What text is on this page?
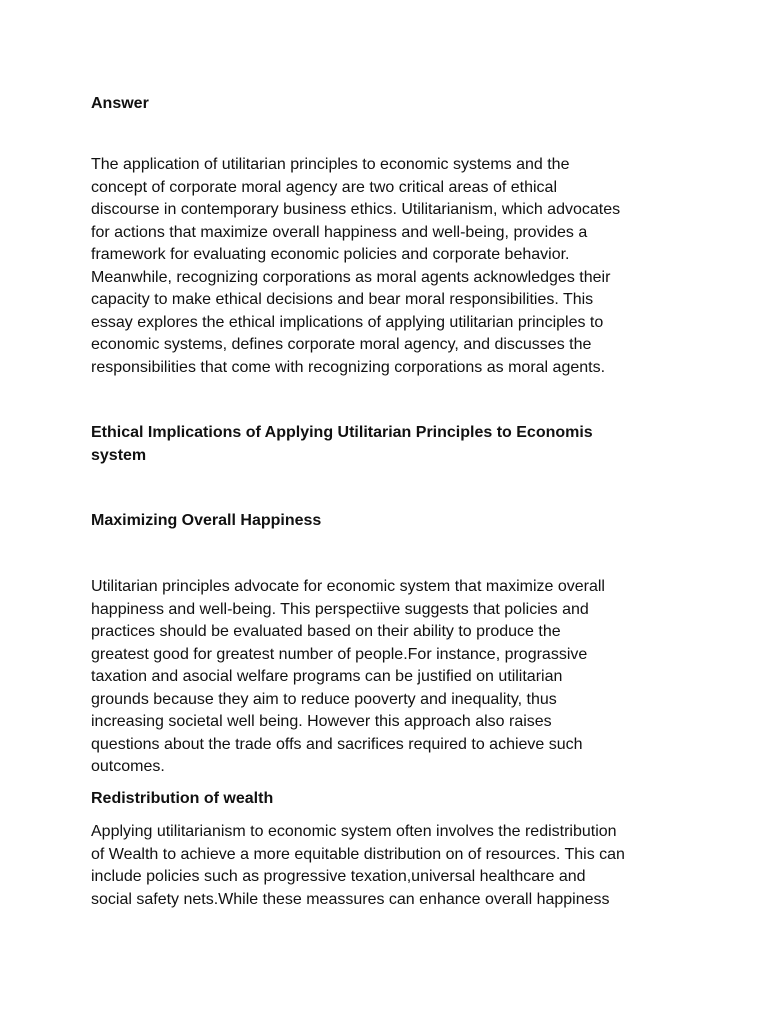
Answer

The application of utilitarian principles to economic systems and the
concept of corporate moral agency are two critical areas of ethical
discourse in contemporary business ethics. Utilitarianism, which advocates
for actions that maximize overall happiness and well-being, provides a
framework for evaluating economic policies and corporate behavior.
Meanwhile, recognizing corporations as moral agents acknowledges their
capacity to make ethical decisions and bear moral responsibilities. This
essay explores the ethical implications of applying utilitarian principles to
economic systems, defines corporate moral agency, and discusses the
responsibilities that come with recognizing corporations as moral agents.

Ethical Implications of Applying Utilitarian Principles to Economis
system

Maximizing Overall Happiness

Utilitarian principles advocate for economic system that maximize overall
happiness and well-being. This perspectiive suggests that policies and
practices should be evaluated based on their ability to produce the
greatest good for greatest number of people.For instance, prograssive
taxation and asocial welfare programs can be justified on utilitarian
grounds because they aim to reduce pooverty and inequality, thus
increasing societal well being. However this approach also raises
questions about the trade offs and sacrifices required to achieve such
outcomes.

Redistribution of wealth

Applying utilitarianism to economic system often involves the redistribution
of Wealth to achieve a more equitable distribution on of resources. This can
include policies such as progressive texation,universal healthcare and
social safety nets.While these meassures can enhance overall happiness
